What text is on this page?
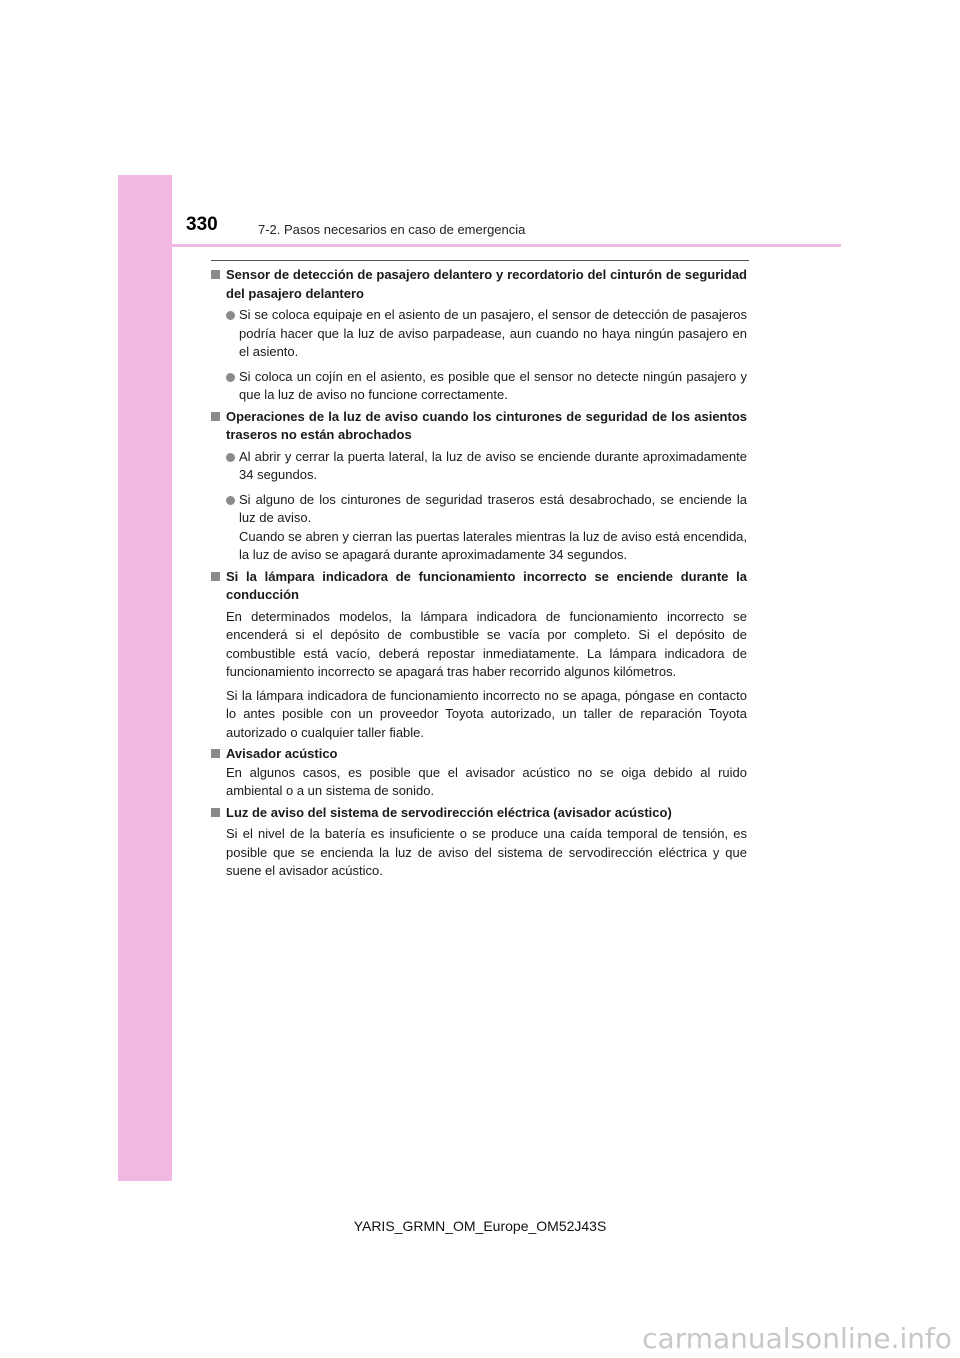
330	7-2. Pasos necesarios en caso de emergencia
Sensor de detección de pasajero delantero y recordatorio del cinturón de seguridad del pasajero delantero
Si se coloca equipaje en el asiento de un pasajero, el sensor de detección de pasajeros podría hacer que la luz de aviso parpadease, aun cuando no haya ningún pasajero en el asiento.
Si coloca un cojín en el asiento, es posible que el sensor no detecte ningún pasajero y que la luz de aviso no funcione correctamente.
Operaciones de la luz de aviso cuando los cinturones de seguridad de los asientos traseros no están abrochados
Al abrir y cerrar la puerta lateral, la luz de aviso se enciende durante aproximadamente 34 segundos.
Si alguno de los cinturones de seguridad traseros está desabrochado, se enciende la luz de aviso.
Cuando se abren y cierran las puertas laterales mientras la luz de aviso está encendida, la luz de aviso se apagará durante aproximadamente 34 segundos.
Si la lámpara indicadora de funcionamiento incorrecto se enciende durante la conducción
En determinados modelos, la lámpara indicadora de funcionamiento incorrecto se encenderá si el depósito de combustible se vacía por completo. Si el depósito de combustible está vacío, deberá repostar inmediatamente. La lámpara indicadora de funcionamiento incorrecto se apagará tras haber recorrido algunos kilómetros.
Si la lámpara indicadora de funcionamiento incorrecto no se apaga, póngase en contacto lo antes posible con un proveedor Toyota autorizado, un taller de reparación Toyota autorizado o cualquier taller fiable.
Avisador acústico
En algunos casos, es posible que el avisador acústico no se oiga debido al ruido ambiental o a un sistema de sonido.
Luz de aviso del sistema de servodirección eléctrica (avisador acústico)
Si el nivel de la batería es insuficiente o se produce una caída temporal de tensión, es posible que se encienda la luz de aviso del sistema de servodirección eléctrica y que suene el avisador acústico.
YARIS_GRMN_OM_Europe_OM52J43S
carmanualsonline.info
